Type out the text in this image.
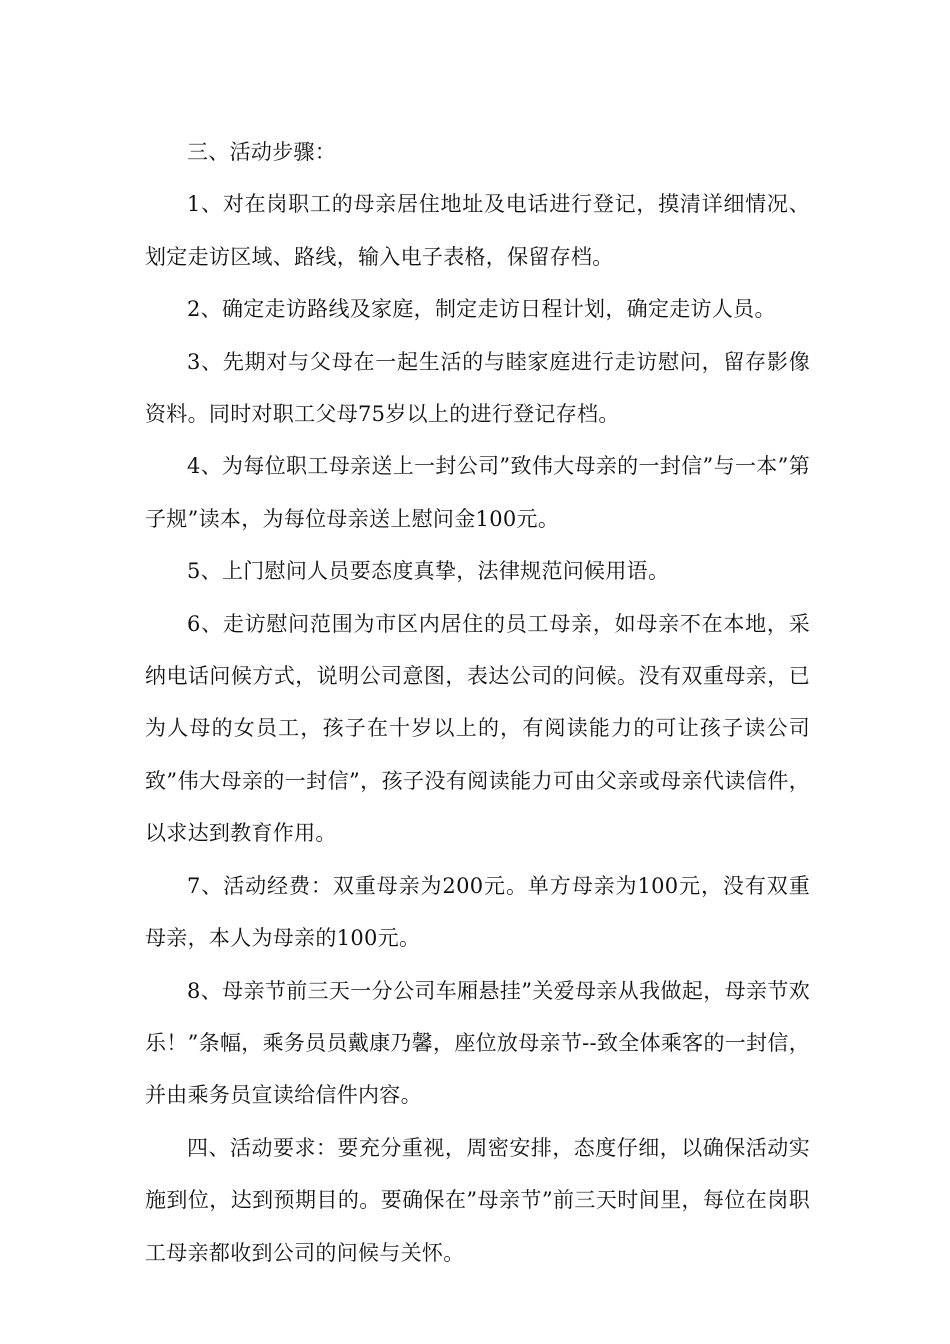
三、活动步骤：

1、对在岗职工的母亲居住地址及电话进行登记，摸清详细情况、划定走访区域、路线，输入电子表格，保留存档。

2、确定走访路线及家庭，制定走访日程计划，确定走访人员。

3、先期对与父母在一起生活的与睦家庭进行走访慰问，留存影像资料。同时对职工父母75岁以上的进行登记存档。

4、为每位职工母亲送上一封公司”致伟大母亲的一封信”与一本”第子规”读本，为每位母亲送上慰问金100元。

5、上门慰问人员要态度真挚，法律规范问候用语。

6、走访慰问范围为市区内居住的员工母亲，如母亲不在本地，采纳电话问候方式，说明公司意图，表达公司的问候。没有双重母亲，已为人母的女员工，孩子在十岁以上的，有阅读能力的可让孩子读公司致”伟大母亲的一封信”，孩子没有阅读能力可由父亲或母亲代读信件，以求达到教育作用。

7、活动经费：双重母亲为200元。单方母亲为100元，没有双重母亲，本人为母亲的100元。

8、母亲节前三天一分公司车厢悬挂”关爱母亲从我做起，母亲节欢乐！”条幅，乘务员员戴康乃馨，座位放母亲节--致全体乘客的一封信，并由乘务员宣读给信件内容。

四、活动要求：要充分重视，周密安排，态度仔细，以确保活动实施到位，达到预期目的。要确保在”母亲节”前三天时间里，每位在岗职工母亲都收到公司的问候与关怀。
